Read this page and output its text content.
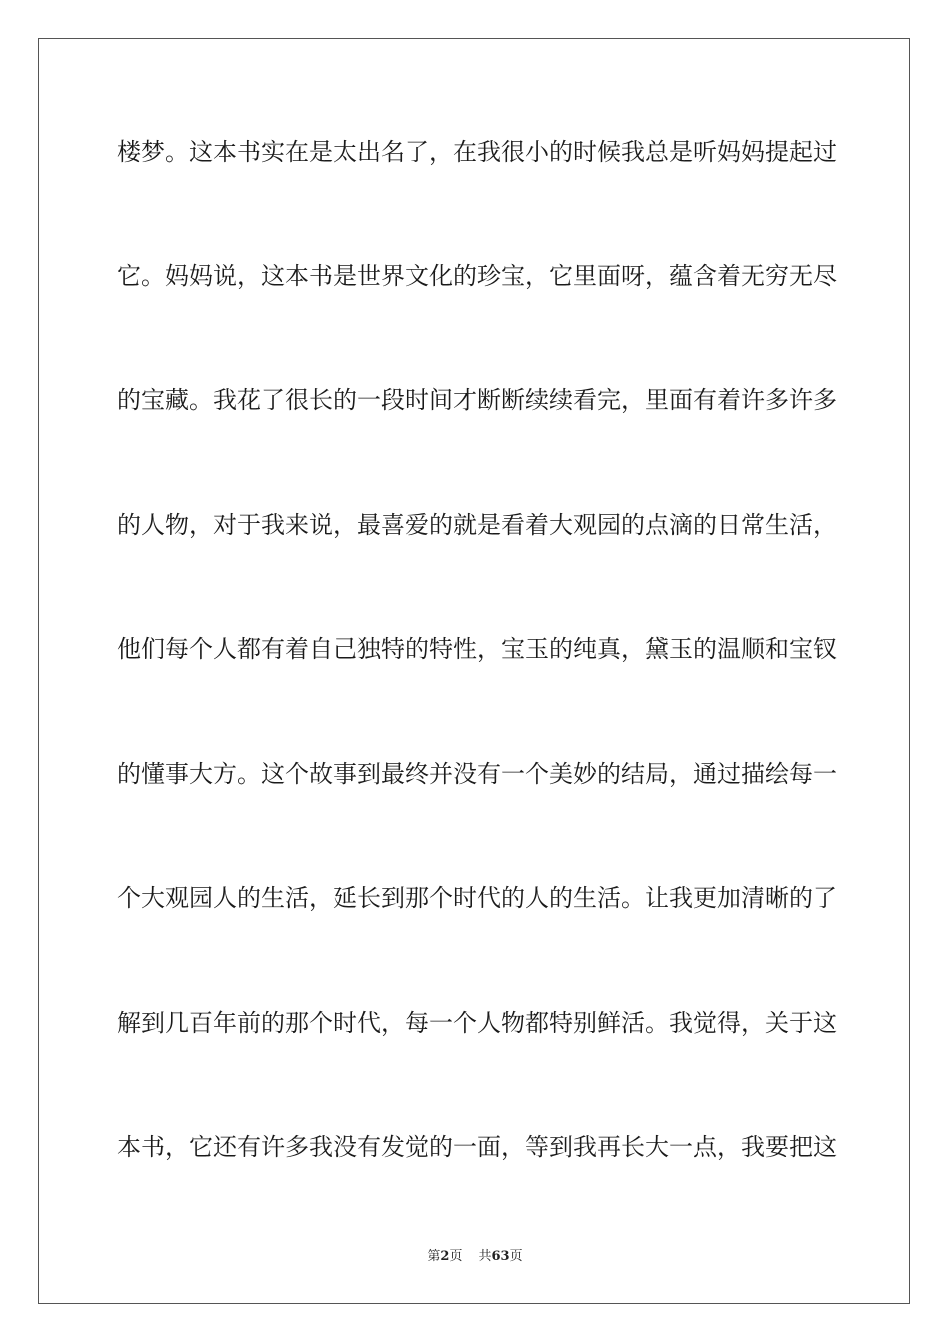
楼梦。这本书实在是太出名了，在我很小的时候我总是听妈妈提起过
它。妈妈说，这本书是世界文化的珍宝，它里面呀，蕴含着无穷无尽
的宝藏。我花了很长的一段时间才断断续续看完，里面有着许多许多
的人物，对于我来说，最喜爱的就是看着大观园的点滴的日常生活，
他们每个人都有着自己独特的特性，宝玉的纯真，黛玉的温顺和宝钗
的懂事大方。这个故事到最终并没有一个美妙的结局，通过描绘每一
个大观园人的生活，延长到那个时代的人的生活。让我更加清晰的了
解到几百年前的那个时代，每一个人物都特别鲜活。我觉得，关于这
本书，它还有许多我没有发觉的一面，等到我再长大一点，我要把这
第2页 共63页
